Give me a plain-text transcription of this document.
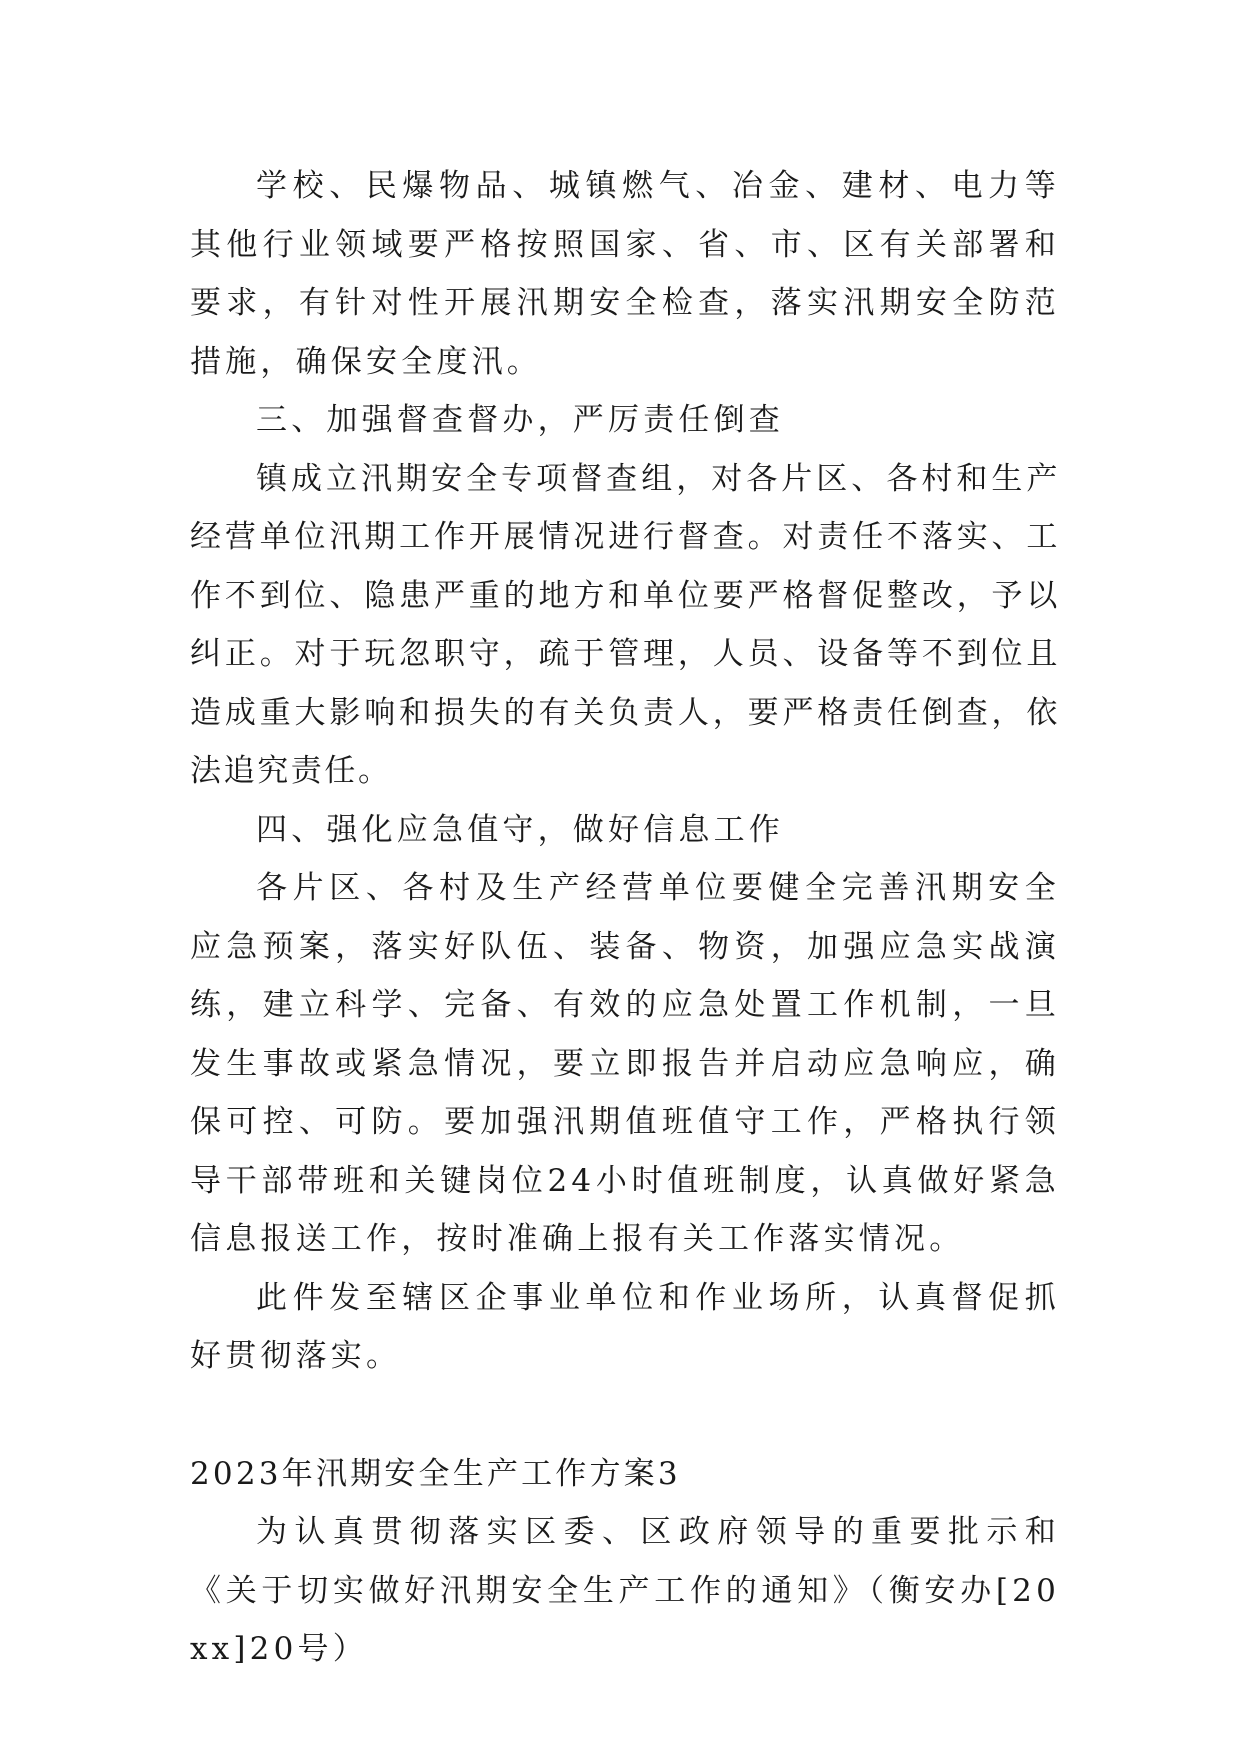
学校、民爆物品、城镇燃气、冶金、建材、电力等其他行业领域要严格按照国家、省、市、区有关部署和要求，有针对性开展汛期安全检查，落实汛期安全防范措施，确保安全度汛。

三、加强督查督办，严厉责任倒查

镇成立汛期安全专项督查组，对各片区、各村和生产经营单位汛期工作开展情况进行督查。对责任不落实、工作不到位、隐患严重的地方和单位要严格督促整改，予以纠正。对于玩忽职守，疏于管理，人员、设备等不到位且造成重大影响和损失的有关负责人，要严格责任倒查，依法追究责任。

四、强化应急值守，做好信息工作

各片区、各村及生产经营单位要健全完善汛期安全应急预案，落实好队伍、装备、物资，加强应急实战演练，建立科学、完备、有效的应急处置工作机制，一旦发生事故或紧急情况，要立即报告并启动应急响应，确保可控、可防。要加强汛期值班值守工作，严格执行领导干部带班和关键岗位24小时值班制度，认真做好紧急信息报送工作，按时准确上报有关工作落实情况。

此件发至辖区企事业单位和作业场所，认真督促抓好贯彻落实。

2023年汛期安全生产工作方案3

为认真贯彻落实区委、区政府领导的重要批示和《关于切实做好汛期安全生产工作的通知》（衡安办[20xx]20号）
